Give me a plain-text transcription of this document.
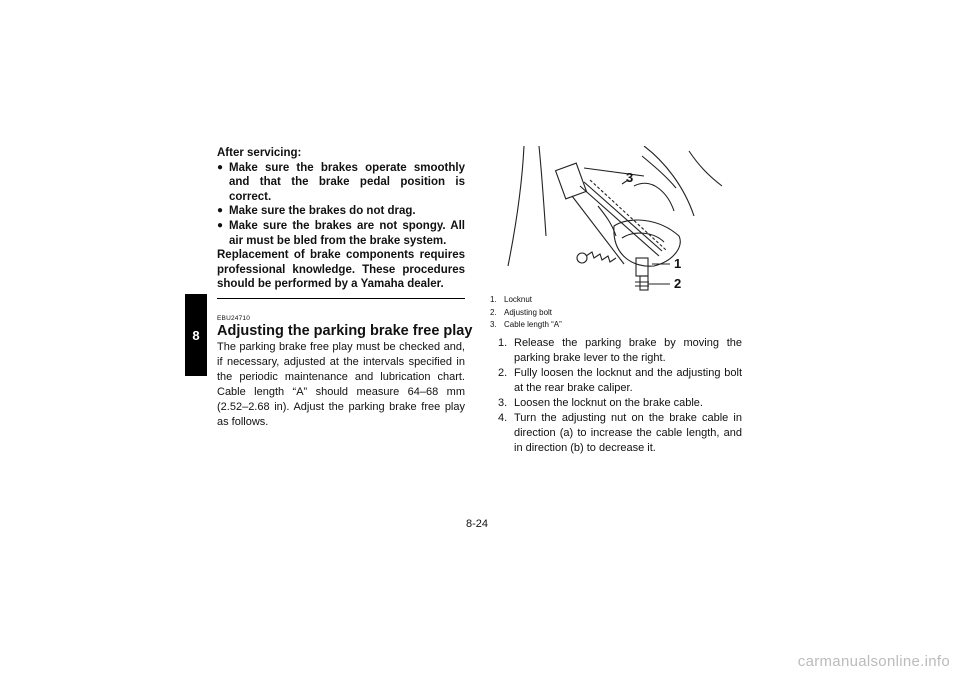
8
After servicing:
● Make sure the brakes operate smoothly and that the brake pedal position is correct.
● Make sure the brakes do not drag.
● Make sure the brakes are not spongy. All air must be bled from the brake system.
Replacement of brake components requires professional knowledge. These procedures should be performed by a Yamaha dealer.
EBU24710
Adjusting the parking brake free play
The parking brake free play must be checked and, if necessary, adjusted at the intervals specified in the periodic maintenance and lubrication chart. Cable length “A” should measure 64–68 mm (2.52–2.68 in). Adjust the parking brake free play as follows.
3
1
2
1. Locknut
2. Adjusting bolt
3. Cable length “A”
1. Release the parking brake by moving the parking brake lever to the right.
2. Fully loosen the locknut and the adjusting bolt at the rear brake caliper.
3. Loosen the locknut on the brake cable.
4. Turn the adjusting nut on the brake cable in direction (a) to increase the cable length, and in direction (b) to decrease it.
8-24
carmanualsonline.info
